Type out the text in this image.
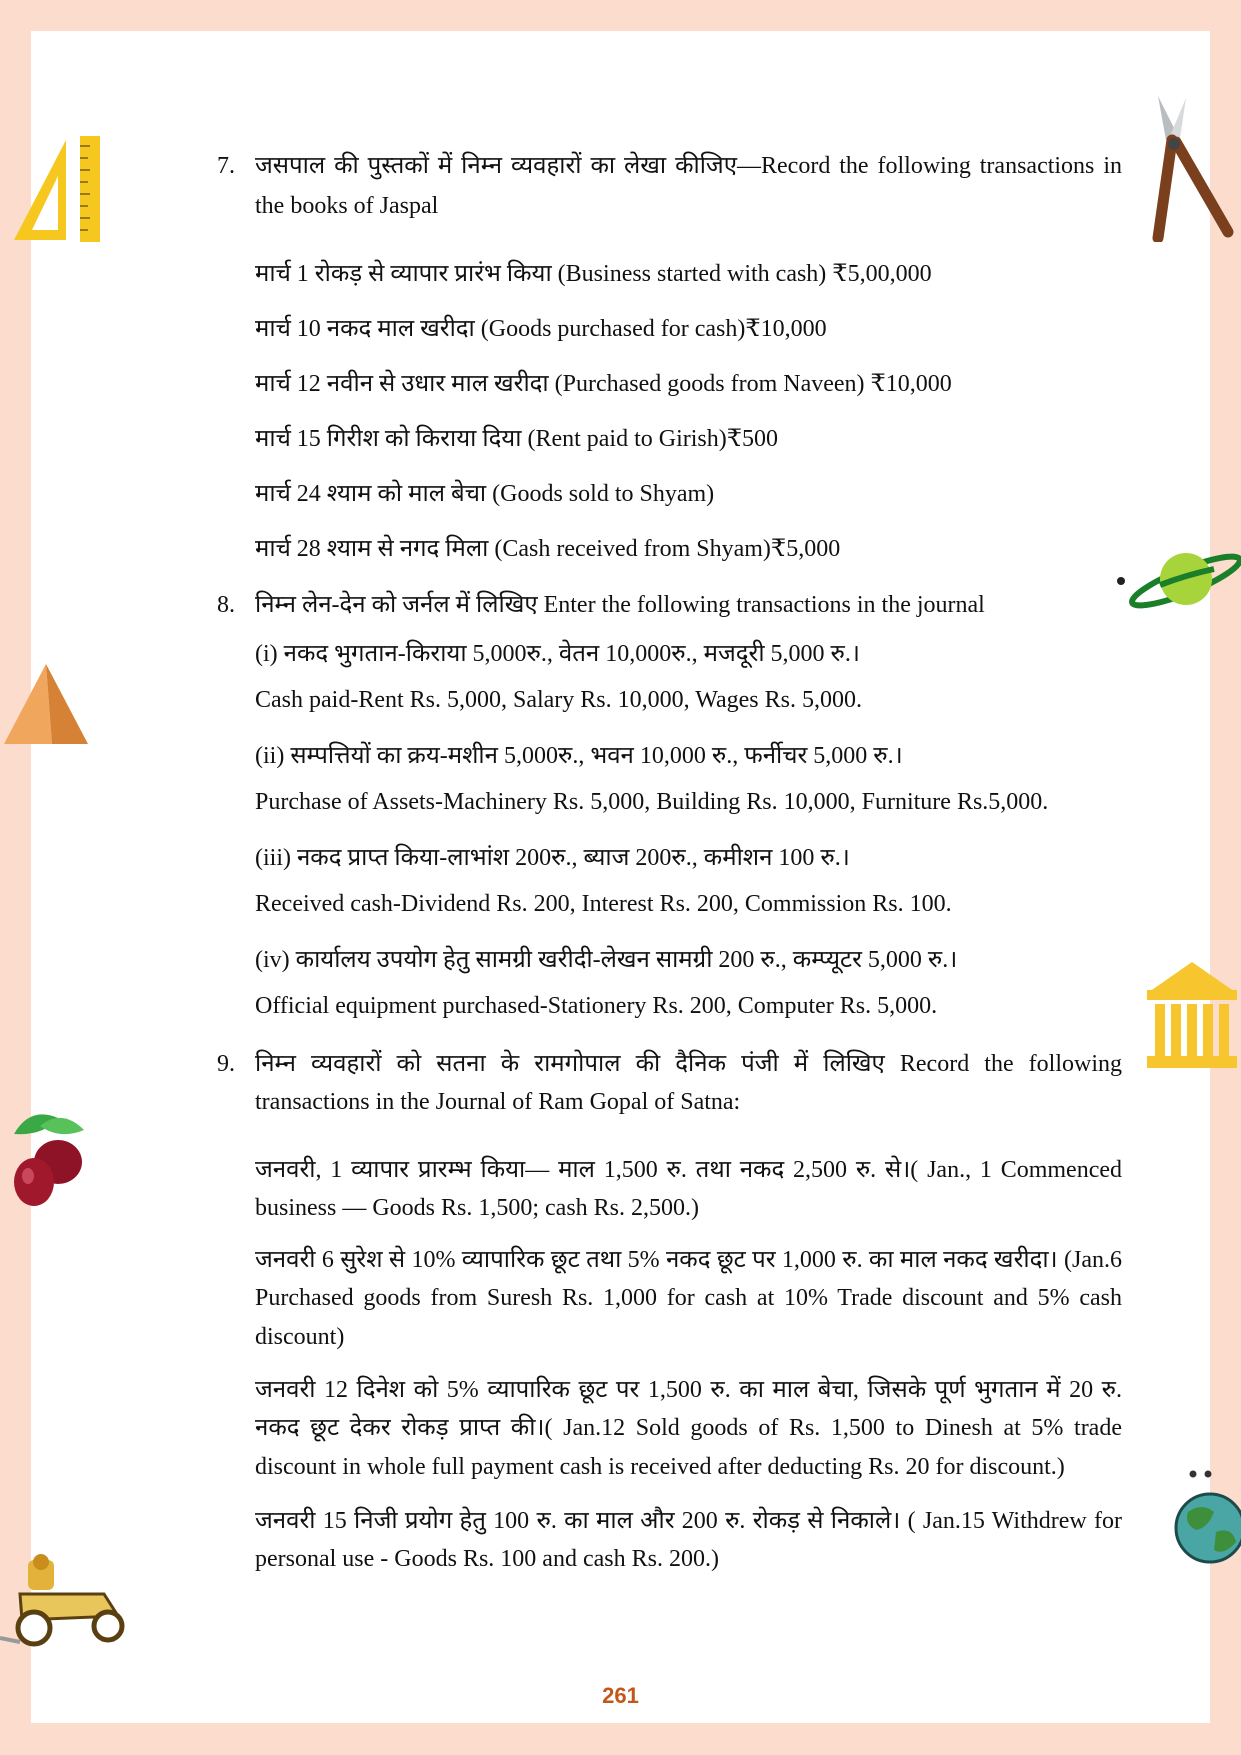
7. जसपाल की पुस्तकों में निम्न व्यवहारों का लेखा कीजिए—Record the following transactions in the books of Jaspal
मार्च 1 रोकड़ से व्यापार प्रारंभ किया (Business started with cash) ₹5,00,000
मार्च 10 नकद माल खरीदा (Goods purchased for cash)₹10,000
मार्च 12 नवीन से उधार माल खरीदा (Purchased goods from Naveen) ₹10,000
मार्च 15 गिरीश को किराया दिया (Rent paid to Girish)₹500
मार्च 24 श्याम को माल बेचा (Goods sold to Shyam)
मार्च 28 श्याम से नगद मिला (Cash received from Shyam)₹5,000
8. निम्न लेन-देन को जर्नल में लिखिए Enter the following transactions in the journal
(i) नकद भुगतान-किराया 5,000रु., वेतन 10,000रु., मजदूरी 5,000 रु.।
Cash paid-Rent Rs. 5,000, Salary Rs. 10,000, Wages Rs. 5,000.
(ii) सम्पत्तियों का क्रय-मशीन 5,000रु., भवन 10,000 रु., फर्नीचर 5,000 रु.।
Purchase of Assets-Machinery Rs. 5,000, Building Rs. 10,000, Furniture Rs.5,000.
(iii) नकद प्राप्त किया-लाभांश 200रु., ब्याज 200रु., कमीशन 100 रु.।
Received cash-Dividend Rs. 200, Interest Rs. 200, Commission Rs. 100.
(iv) कार्यालय उपयोग हेतु सामग्री खरीदी-लेखन सामग्री 200 रु., कम्प्यूटर 5,000 रु.।
Official equipment purchased-Stationery Rs. 200, Computer Rs. 5,000.
9. निम्न व्यवहारों को सतना के रामगोपाल की दैनिक पंजी में लिखिए Record the following transactions in the Journal of Ram Gopal of Satna:
जनवरी, 1 व्यापार प्रारम्भ किया— माल 1,500 रु. तथा नकद 2,500 रु. से।( Jan., 1 Commenced business — Goods Rs. 1,500; cash Rs. 2,500.)
जनवरी 6 सुरेश से 10% व्यापारिक छूट तथा 5% नकद छूट पर 1,000 रु. का माल नकद खरीदा। (Jan.6 Purchased goods from Suresh Rs. 1,000 for cash at 10% Trade discount and 5% cash discount)
जनवरी 12 दिनेश को 5% व्यापारिक छूट पर 1,500 रु. का माल बेचा, जिसके पूर्ण भुगतान में 20 रु. नकद छूट देकर रोकड़ प्राप्त की।( Jan.12 Sold goods of Rs. 1,500 to Dinesh at 5% trade discount in whole full payment cash is received after deducting Rs. 20 for discount.)
जनवरी 15 निजी प्रयोग हेतु 100 रु. का माल और 200 रु. रोकड़ से निकाले। ( Jan.15 Withdrew for personal use - Goods Rs. 100 and cash Rs. 200.)
261
